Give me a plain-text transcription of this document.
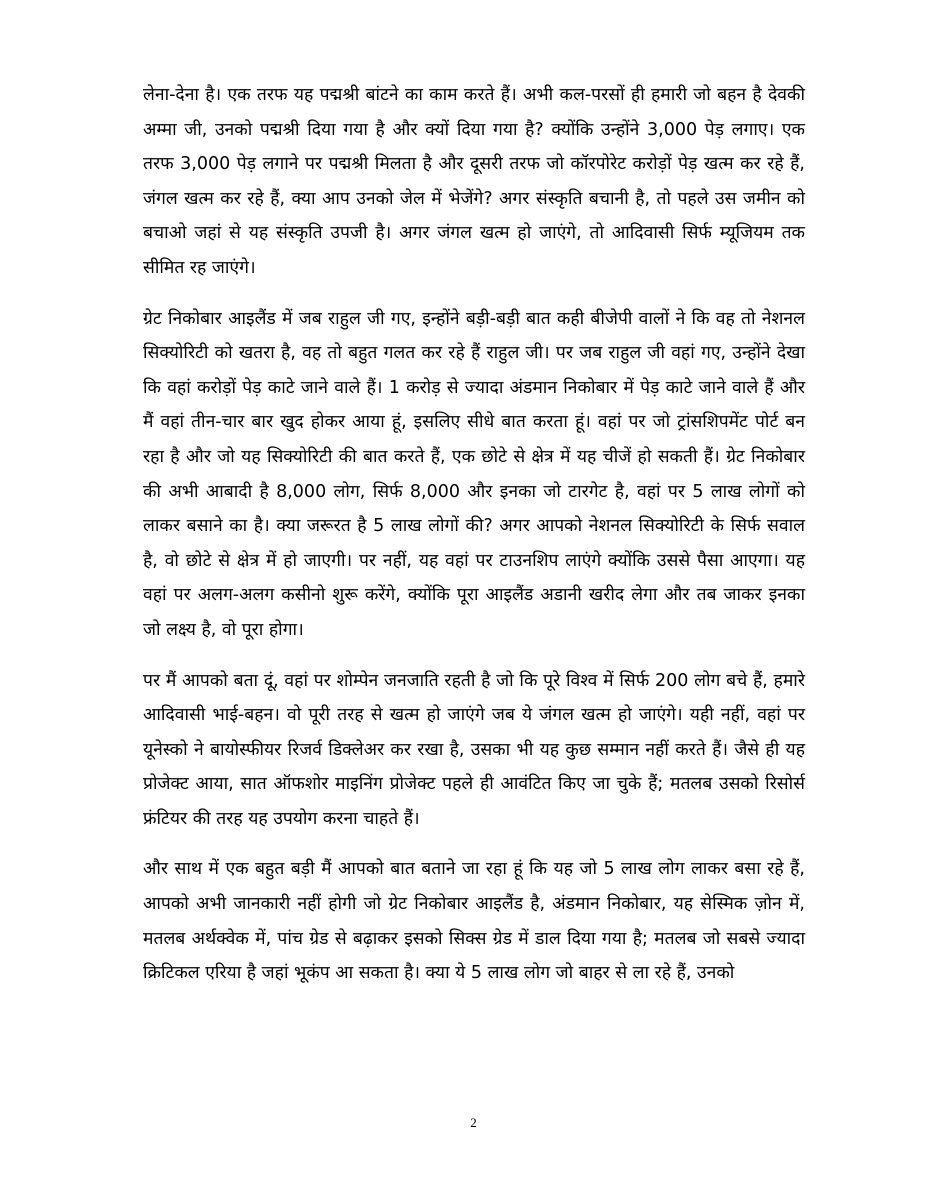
लेना-देना है। एक तरफ यह पद्मश्री बांटने का काम करते हैं। अभी कल-परसों ही हमारी जो बहन है देवकी अम्मा जी, उनको पद्मश्री दिया गया है और क्यों दिया गया है? क्योंकि उन्होंने 3,000 पेड़ लगाए। एक तरफ 3,000 पेड़ लगाने पर पद्मश्री मिलता है और दूसरी तरफ जो कॉरपोरेट करोड़ों पेड़ खत्म कर रहे हैं, जंगल खत्म कर रहे हैं, क्या आप उनको जेल में भेजेंगे? अगर संस्कृति बचानी है, तो पहले उस जमीन को बचाओ जहां से यह संस्कृति उपजी है। अगर जंगल खत्म हो जाएंगे, तो आदिवासी सिर्फ म्यूजियम तक सीमित रह जाएंगे।

ग्रेट निकोबार आइलैंड में जब राहुल जी गए, इन्होंने बड़ी-बड़ी बात कही बीजेपी वालों ने कि वह तो नेशनल सिक्योरिटी को खतरा है, वह तो बहुत गलत कर रहे हैं राहुल जी। पर जब राहुल जी वहां गए, उन्होंने देखा कि वहां करोड़ों पेड़ काटे जाने वाले हैं। 1 करोड़ से ज्यादा अंडमान निकोबार में पेड़ काटे जाने वाले हैं और मैं वहां तीन-चार बार खुद होकर आया हूं, इसलिए सीधे बात करता हूं। वहां पर जो ट्रांसशिपमेंट पोर्ट बन रहा है और जो यह सिक्योरिटी की बात करते हैं, एक छोटे से क्षेत्र में यह चीजें हो सकती हैं। ग्रेट निकोबार की अभी आबादी है 8,000 लोग, सिर्फ 8,000 और इनका जो टारगेट है, वहां पर 5 लाख लोगों को लाकर बसाने का है। क्या जरूरत है 5 लाख लोगों की? अगर आपको नेशनल सिक्योरिटी के सिर्फ सवाल है, वो छोटे से क्षेत्र में हो जाएगी। पर नहीं, यह वहां पर टाउनशिप लाएंगे क्योंकि उससे पैसा आएगा। यह वहां पर अलग-अलग कसीनो शुरू करेंगे, क्योंकि पूरा आइलैंड अडानी खरीद लेगा और तब जाकर इनका जो लक्ष्य है, वो पूरा होगा।

पर मैं आपको बता दूं, वहां पर शोम्पेन जनजाति रहती है जो कि पूरे विश्व में सिर्फ 200 लोग बचे हैं, हमारे आदिवासी भाई-बहन। वो पूरी तरह से खत्म हो जाएंगे जब ये जंगल खत्म हो जाएंगे। यही नहीं, वहां पर यूनेस्को ने बायोस्फीयर रिजर्व डिक्लेअर कर रखा है, उसका भी यह कुछ सम्मान नहीं करते हैं। जैसे ही यह प्रोजेक्ट आया, सात ऑफशोर माइनिंग प्रोजेक्ट पहले ही आवंटित किए जा चुके हैं; मतलब उसको रिसोर्स फ्रंटियर की तरह यह उपयोग करना चाहते हैं।

और साथ में एक बहुत बड़ी मैं आपको बात बताने जा रहा हूं कि यह जो 5 लाख लोग लाकर बसा रहे हैं, आपको अभी जानकारी नहीं होगी जो ग्रेट निकोबार आइलैंड है, अंडमान निकोबार, यह सेस्मिक ज़ोन में, मतलब अर्थक्वेक में, पांच ग्रेड से बढ़ाकर इसको सिक्स ग्रेड में डाल दिया गया है; मतलब जो सबसे ज्यादा क्रिटिकल एरिया है जहां भूकंप आ सकता है। क्या ये 5 लाख लोग जो बाहर से ला रहे हैं, उनको

2
